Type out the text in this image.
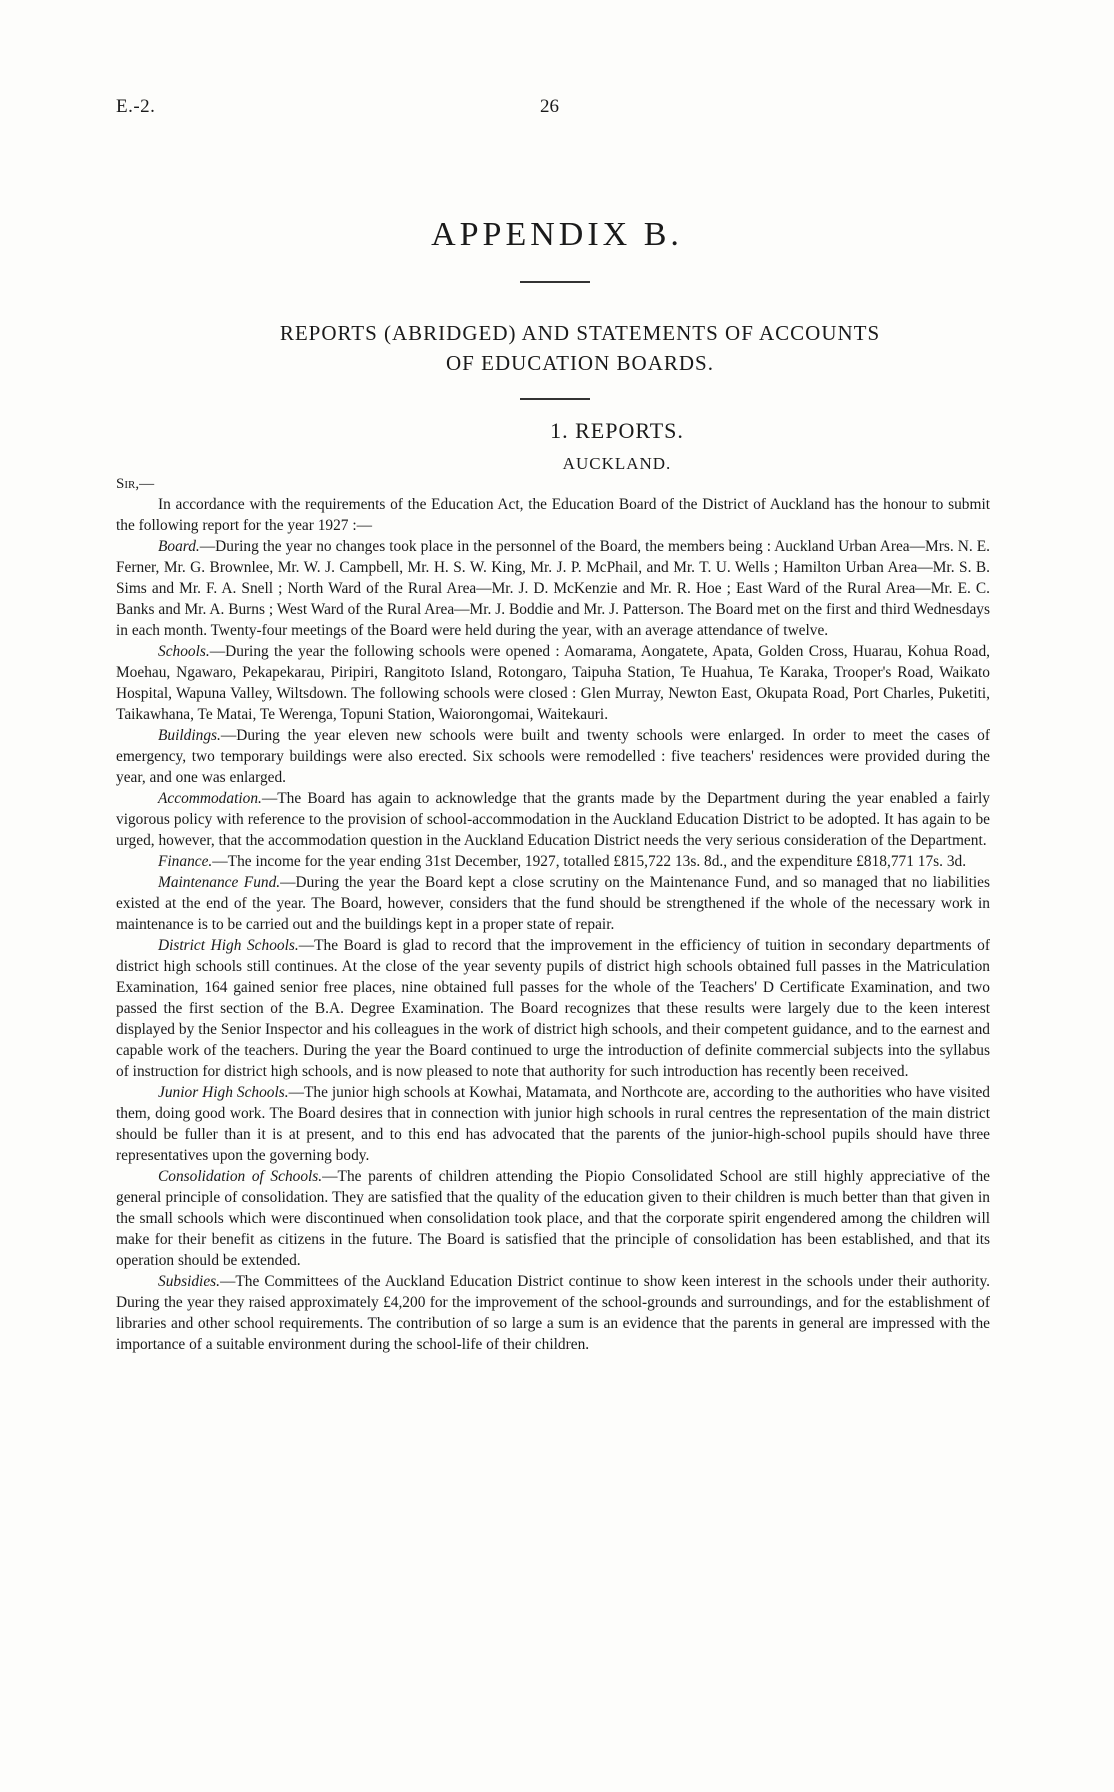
E.-2.	26
APPENDIX B.
REPORTS (ABRIDGED) AND STATEMENTS OF ACCOUNTS
OF EDUCATION BOARDS.
1. REPORTS.
AUCKLAND.
Sir,—

In accordance with the requirements of the Education Act, the Education Board of the District of Auckland has the honour to submit the following report for the year 1927 :—

Board.—During the year no changes took place in the personnel of the Board, the members being : Auckland Urban Area—Mrs. N. E. Ferner, Mr. G. Brownlee, Mr. W. J. Campbell, Mr. H. S. W. King, Mr. J. P. McPhail, and Mr. T. U. Wells ; Hamilton Urban Area—Mr. S. B. Sims and Mr. F. A. Snell ; North Ward of the Rural Area—Mr. J. D. McKenzie and Mr. R. Hoe ; East Ward of the Rural Area—Mr. E. C. Banks and Mr. A. Burns ; West Ward of the Rural Area—Mr. J. Boddie and Mr. J. Patterson. The Board met on the first and third Wednesdays in each month. Twenty-four meetings of the Board were held during the year, with an average attendance of twelve.

Schools.—During the year the following schools were opened : Aomarama, Aongatete, Apata, Golden Cross, Huarau, Kohua Road, Moehau, Ngawaro, Pekapekarau, Piripiri, Rangitoto Island, Rotongaro, Taipuha Station, Te Huahua, Te Karaka, Trooper's Road, Waikato Hospital, Wapuna Valley, Wiltsdown. The following schools were closed : Glen Murray, Newton East, Okupata Road, Port Charles, Puketiti, Taikawhana, Te Matai, Te Werenga, Topuni Station, Waiorongomai, Waitekauri.

Buildings.—During the year eleven new schools were built and twenty schools were enlarged. In order to meet the cases of emergency, two temporary buildings were also erected. Six schools were remodelled : five teachers' residences were provided during the year, and one was enlarged.

Accommodation.—The Board has again to acknowledge that the grants made by the Department during the year enabled a fairly vigorous policy with reference to the provision of school-accommodation in the Auckland Education District to be adopted. It has again to be urged, however, that the accommodation question in the Auckland Education District needs the very serious consideration of the Department.

Finance.—The income for the year ending 31st December, 1927, totalled £815,722 13s. 8d., and the expenditure £818,771 17s. 3d.

Maintenance Fund.—During the year the Board kept a close scrutiny on the Maintenance Fund, and so managed that no liabilities existed at the end of the year. The Board, however, considers that the fund should be strengthened if the whole of the necessary work in maintenance is to be carried out and the buildings kept in a proper state of repair.

District High Schools.—The Board is glad to record that the improvement in the efficiency of tuition in secondary departments of district high schools still continues. At the close of the year seventy pupils of district high schools obtained full passes in the Matriculation Examination, 164 gained senior free places, nine obtained full passes for the whole of the Teachers' D Certificate Examination, and two passed the first section of the B.A. Degree Examination. The Board recognizes that these results were largely due to the keen interest displayed by the Senior Inspector and his colleagues in the work of district high schools, and their competent guidance, and to the earnest and capable work of the teachers. During the year the Board continued to urge the introduction of definite commercial subjects into the syllabus of instruction for district high schools, and is now pleased to note that authority for such introduction has recently been received.

Junior High Schools.—The junior high schools at Kowhai, Matamata, and Northcote are, according to the authorities who have visited them, doing good work. The Board desires that in connection with junior high schools in rural centres the representation of the main district should be fuller than it is at present, and to this end has advocated that the parents of the junior-high-school pupils should have three representatives upon the governing body.

Consolidation of Schools.—The parents of children attending the Piopio Consolidated School are still highly appreciative of the general principle of consolidation. They are satisfied that the quality of the education given to their children is much better than that given in the small schools which were discontinued when consolidation took place, and that the corporate spirit engendered among the children will make for their benefit as citizens in the future. The Board is satisfied that the principle of consolidation has been established, and that its operation should be extended.

Subsidies.—The Committees of the Auckland Education District continue to show keen interest in the schools under their authority. During the year they raised approximately £4,200 for the improvement of the school-grounds and surroundings, and for the establishment of libraries and other school requirements. The contribution of so large a sum is an evidence that the parents in general are impressed with the importance of a suitable environment during the school-life of their children.
